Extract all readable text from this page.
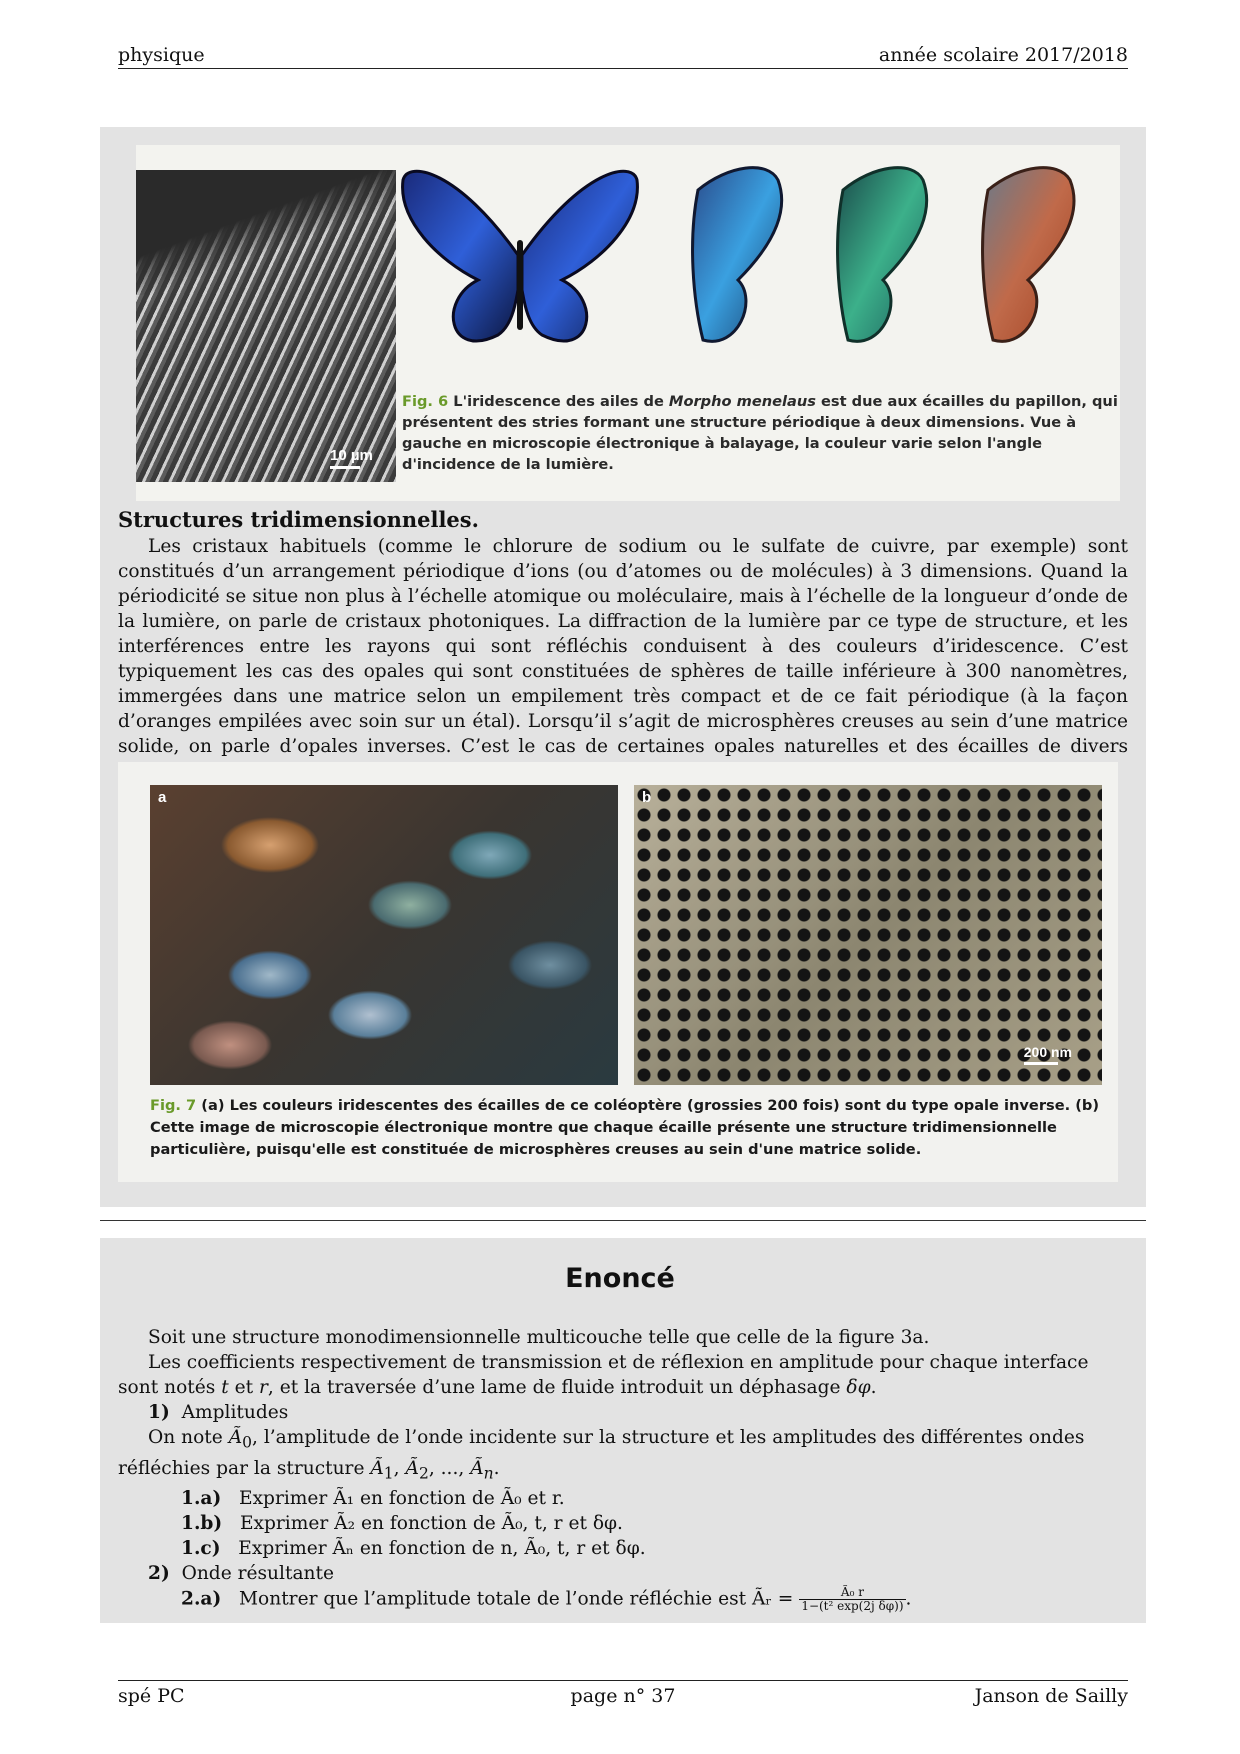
physique	année scolaire 2017/2018
10 µm
Fig. 6 L'iridescence des ailes de Morpho menelaus est due aux écailles du papillon, qui présentent des stries formant une structure périodique à deux dimensions. Vue à gauche en microscopie électronique à balayage, la couleur varie selon l'angle d'incidence de la lumière.
Structures tridimensionnelles.
Les cristaux habituels (comme le chlorure de sodium ou le sulfate de cuivre, par exemple) sont constitués d’un arrangement périodique d’ions (ou d’atomes ou de molécules) à 3 dimensions. Quand la périodicité se situe non plus à l’échelle atomique ou moléculaire, mais à l’échelle de la longueur d’onde de la lumière, on parle de cristaux photoniques. La diffraction de la lumière par ce type de structure, et les interférences entre les rayons qui sont réfléchis conduisent à des couleurs d’iridescence. C’est typiquement les cas des opales qui sont constituées de sphères de taille inférieure à 300 nanomètres, immergées dans une matrice selon un empilement très compact et de ce fait périodique (à la façon d’oranges empilées avec soin sur un étal). Lorsqu’il s’agit de microsphères creuses au sein d’une matrice solide, on parle d’opales inverses. C’est le cas de certaines opales naturelles et des écailles de divers
a	b
200 nm
Fig. 7 (a) Les couleurs iridescentes des écailles de ce coléoptère (grossies 200 fois) sont du type opale inverse. (b) Cette image de microscopie électronique montre que chaque écaille présente une structure tridimensionnelle particulière, puisqu'elle est constituée de microsphères creuses au sein d'une matrice solide.
Enoncé

Soit une structure monodimensionnelle multicouche telle que celle de la figure 3a.

Les coefficients respectivement de transmission et de réflexion en amplitude pour chaque interface sont notés t et r, et la traversée d’une lame de fluide introduit un déphasage δφ.

1) Amplitudes

On note $Ã_0$, l’amplitude de l’onde incidente sur la structure et les amplitudes des différentes ondes réfléchies par la structure $Ã_1$, $Ã_2$, ..., $Ã_n$.

1.a) Exprimer Ã₁ en fonction de Ã₀ et r.

1.b) Exprimer Ã₂ en fonction de Ã₀, t, r et δφ.

1.c) Exprimer Ãₙ en fonction de n, Ã₀, t, r et δφ.

2) Onde résultante

2.a) Montrer que l’amplitude totale de l’onde réfléchie est Ãᵣ = $\frac{\text{Ã₀ r}}{\text{1−(t² exp(2j δφ))}}$ .

spé PC	page n° 37	Janson de Sailly
